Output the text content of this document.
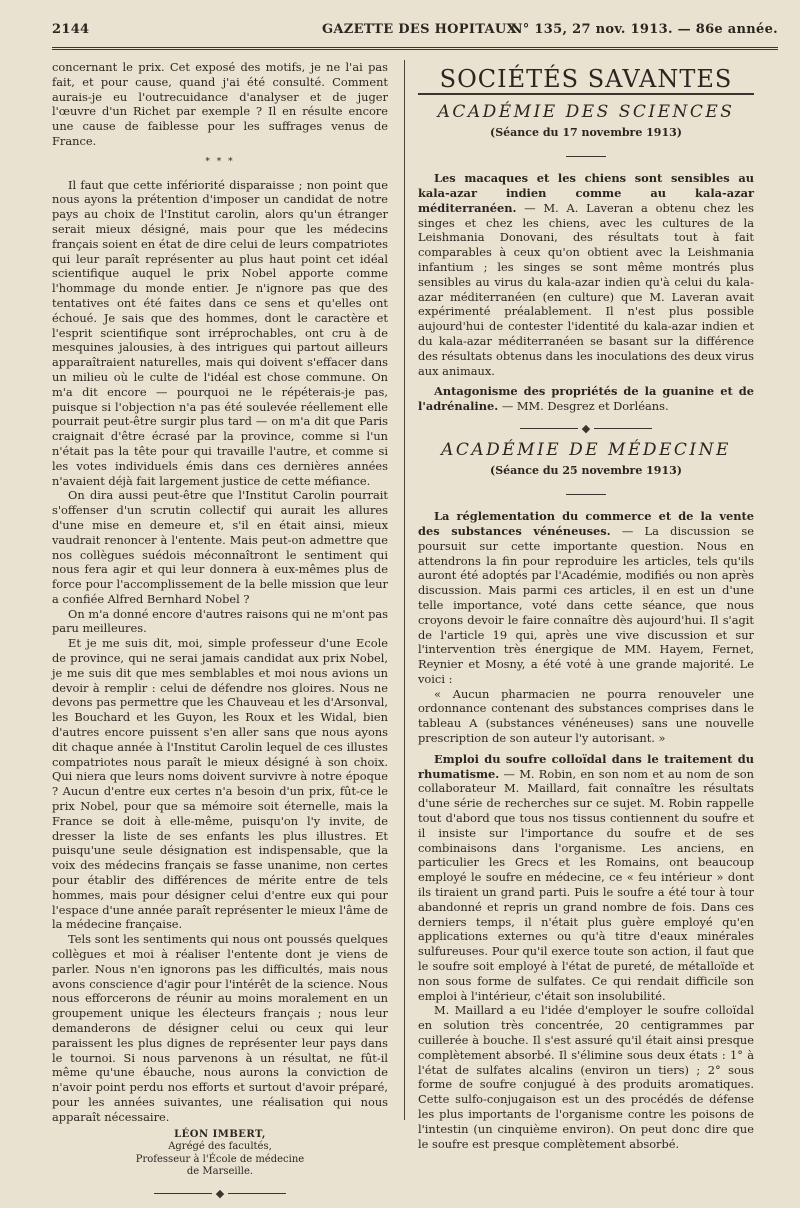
2144	GAZETTE DES HOPITAUX
N° 135, 27 nov. 1913. — 86e année.

concernant le prix. Cet exposé des motifs, je ne l'ai pas fait, et pour cause, quand j'ai été consulté. Comment aurais-je eu l'outrecuidance d'analyser et de juger l'œuvre d'un Richet par exemple ? Il en résulte encore une cause de faiblesse pour les suffrages venus de France.

* * *

Il faut que cette infériorité disparaisse ; non point que nous ayons la prétention d'imposer un candidat de notre pays au choix de l'Institut carolin, alors qu'un étranger serait mieux désigné, mais pour que les médecins français soient en état de dire celui de leurs compatriotes qui leur paraît représenter au plus haut point cet idéal scientifique auquel le prix Nobel apporte comme l'hommage du monde entier. Je n'ignore pas que des tentatives ont été faites dans ce sens et qu'elles ont échoué. Je sais que des hommes, dont le caractère et l'esprit scientifique sont irréprochables, ont cru à de mesquines jalousies, à des intrigues qui partout ailleurs apparaîtraient naturelles, mais qui doivent s'effacer dans un milieu où le culte de l'idéal est chose commune. On m'a dit encore — pourquoi ne le répéterais-je pas, puisque si l'objection n'a pas été soulevée réellement elle pourrait peut-être surgir plus tard — on m'a dit que Paris craignait d'être écrasé par la province, comme si l'un n'était pas la tête pour qui travaille l'autre, et comme si les votes individuels émis dans ces dernières années n'avaient déjà fait largement justice de cette méfiance.

On dira aussi peut-être que l'Institut Carolin pourrait s'offenser d'un scrutin collectif qui aurait les allures d'une mise en demeure et, s'il en était ainsi, mieux vaudrait renoncer à l'entente. Mais peut-on admettre que nos collègues suédois méconnaîtront le sentiment qui nous fera agir et qui leur donnera à eux-mêmes plus de force pour l'accomplissement de la belle mission que leur a confiée Alfred Bernhard Nobel ?

On m'a donné encore d'autres raisons qui ne m'ont pas paru meilleures.

Et je me suis dit, moi, simple professeur d'une Ecole de province, qui ne serai jamais candidat aux prix Nobel, je me suis dit que mes semblables et moi nous avions un devoir à remplir : celui de défendre nos gloires. Nous ne devons pas permettre que les Chauveau et les d'Arsonval, les Bouchard et les Guyon, les Roux et les Widal, bien d'autres encore puissent s'en aller sans que nous ayons dit chaque année à l'Institut Carolin lequel de ces illustes compatriotes nous paraît le mieux désigné à son choix. Qui niera que leurs noms doivent survivre à notre époque ? Aucun d'entre eux certes n'a besoin d'un prix, fût-ce le prix Nobel, pour que sa mémoire soit éternelle, mais la France se doit à elle-même, puisqu'on l'y invite, de dresser la liste de ses enfants les plus illustres. Et puisqu'une seule désignation est indispensable, que la voix des médecins français se fasse unanime, non certes pour établir des différences de mérite entre de tels hommes, mais pour désigner celui d'entre eux qui pour l'espace d'une année paraît représenter le mieux l'âme de la médecine française.

Tels sont les sentiments qui nous ont poussés quelques collègues et moi à réaliser l'entente dont je viens de parler. Nous n'en ignorons pas les difficultés, mais nous avons conscience d'agir pour l'intérêt de la science. Nous nous efforcerons de réunir au moins moralement en un groupement unique les électeurs français ; nous leur demanderons de désigner celui ou ceux qui leur paraissent les plus dignes de représenter leur pays dans le tournoi. Si nous parvenons à un résultat, ne fût-il même qu'une ébauche, nous aurons la conviction de n'avoir point perdu nos efforts et surtout d'avoir préparé, pour les années suivantes, une réalisation qui nous apparaît nécessaire.

LÉON IMBERT,
Agrégé des facultés,
Professeur à l'École de médecine
de Marseille.
◆
SOCIÉTÉS SAVANTES
ACADÉMIE DES SCIENCES
(Séance du 17 novembre 1913)

Les macaques et les chiens sont sensibles au kala-azar indien comme au kala-azar méditerranéen. — M. A. Laveran a obtenu chez les singes et chez les chiens, avec les cultures de la Leishmania Donovani, des résultats tout à fait comparables à ceux qu'on obtient avec la Leishmania infantium ; les singes se sont même montrés plus sensibles au virus du kala-azar indien qu'à celui du kala-azar méditerranéen (en culture) que M. Laveran avait expérimenté préalablement. Il n'est plus possible aujourd'hui de contester l'identité du kala-azar indien et du kala-azar méditerranéen se basant sur la différence des résultats obtenus dans les inoculations des deux virus aux animaux.

Antagonisme des propriétés de la guanine et de l'adrénaline. — MM. Desgrez et Dorléans.

◆
ACADÉMIE DE MÉDECINE
(Séance du 25 novembre 1913)

La réglementation du commerce et de la vente des substances vénéneuses. — La discussion se poursuit sur cette importante question. Nous en attendrons la fin pour reproduire les articles, tels qu'ils auront été adoptés par l'Académie, modifiés ou non après discussion. Mais parmi ces articles, il en est un d'une telle importance, voté dans cette séance, que nous croyons devoir le faire connaître dès aujourd'hui. Il s'agit de l'article 19 qui, après une vive discussion et sur l'intervention très énergique de MM. Hayem, Fernet, Reynier et Mosny, a été voté à une grande majorité. Le voici :

« Aucun pharmacien ne pourra renouveler une ordonnance contenant des substances comprises dans le tableau A (substances vénéneuses) sans une nouvelle prescription de son auteur l'y autorisant. »

Emploi du soufre colloïdal dans le traitement du rhumatisme. — M. Robin, en son nom et au nom de son collaborateur M. Maillard, fait connaître les résultats d'une série de recherches sur ce sujet. M. Robin rappelle tout d'abord que tous nos tissus contiennent du soufre et il insiste sur l'importance du soufre et de ses combinaisons dans l'organisme. Les anciens, en particulier les Grecs et les Romains, ont beaucoup employé le soufre en médecine, ce « feu intérieur » dont ils tiraient un grand parti. Puis le soufre a été tour à tour abandonné et repris un grand nombre de fois. Dans ces derniers temps, il n'était plus guère employé qu'en applications externes ou qu'à titre d'eaux minérales sulfureuses. Pour qu'il exerce toute son action, il faut que le soufre soit employé à l'état de pureté, de métalloïde et non sous forme de sulfates. Ce qui rendait difficile son emploi à l'intérieur, c'était son insolubilité.

M. Maillard a eu l'idée d'employer le soufre colloïdal en solution très concentrée, 20 centigrammes par cuillerée à bouche. Il s'est assuré qu'il était ainsi presque complètement absorbé. Il s'élimine sous deux états : 1° à l'état de sulfates alcalins (environ un tiers) ; 2° sous forme de soufre conjugué à des produits aromatiques. Cette sulfo-conjugaison est un des procédés de défense les plus importants de l'organisme contre les poisons de l'intestin (un cinquième environ). On peut donc dire que le soufre est presque complètement absorbé.
